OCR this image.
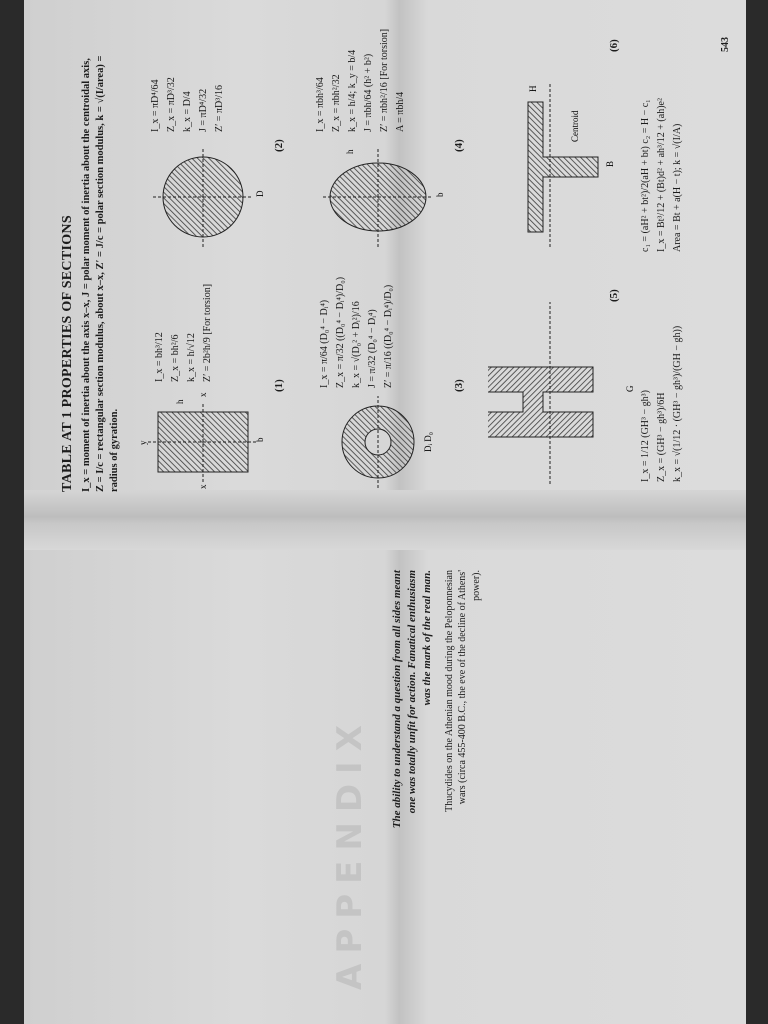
TABLE AT 1 PROPERTIES OF SECTIONS I_x = moment of inertia about the axis x–x, J = polar moment of inertia about the centroidal axis, Z = I/c = rectangular section modulus, about x–x, Z′ = J/c = polar section modulus, k = √(I/area) = radius of gyration.	x
x
y
b
h
I_x = bh³/12 Z_x = bh²/6 k_x = h/√12 Z′ = 2b²h/9 [For torsion]
(1)
D
I_x = πD⁴/64 Z_x = πD³/32 k_x = D/4 J = πD⁴/32 Z′ = πD³/16
(2)
Dᵢ D₀
I_x = π/64 (D₀⁴ − Dᵢ⁴) Z_x = π/32 ((D₀⁴ − Dᵢ⁴)/D₀) k_x = √(D₀² + Dᵢ²)/16 J = π/32 (D₀⁴ − Dᵢ⁴) Z′ = π/16 ((D₀⁴ − Dᵢ⁴)/D₀)	(3)
b
h
I_x = πbh³/64 Z_x = πbh²/32 k_x = h/4; k_y = b/4 J = πbh/64 (h² + b²) Z′ = πbh²/16 [For torsion] A = πbh/4
(4)
G
I_x = 1/12 (GH³ − gh³) Z_x = (GH³ − gh³)/6H k_x = √(1/12 · (GH³ − gh³)/(GH − gh))
(5)
Centroid
H
B	c₁ = (aH² + bt²)/2(aH + bt) c₂ = H − c₁ I_x = Bt³/12 + (Bt)d² + ah³/12 + (ah)e² Area = Bt + a(H − t); k = √(I/A)
(6)	543
APPENDIX
The ability to understand a question from all sides meant one was totally unfit for action. Fanatical enthusiasm was the mark of the real man. Thucydides on the Athenian mood during the Peloponnesian wars (circa 455-400 B.C., the eve of the decline of Athens' power).
